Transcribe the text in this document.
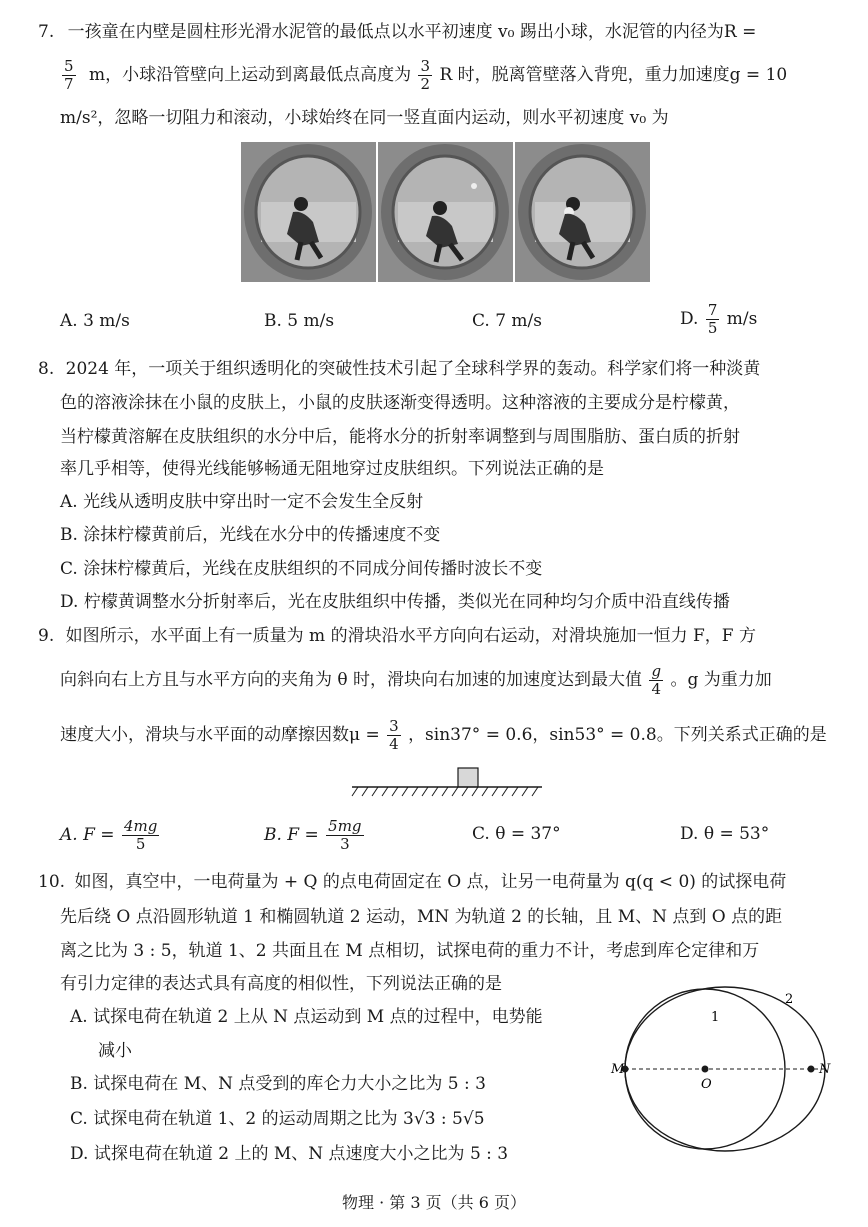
7. 一孩童在内壁是圆柱形光滑水泥管的最低点以水平初速度 v₀ 踢出小球，水泥管的内径为R =
$\frac{5}{7}$ m，小球沿管壁向上运动到离最低点高度为 $\frac{3}{2}$ R 时，脱离管壁落入背兜，重力加速度g = 10
m/s²，忽略一切阻力和滚动，小球始终在同一竖直面内运动，则水平初速度 v₀ 为
A. 3 m/s	B. 5 m/s	C. 7 m/s	D. $\frac{7}{5} m/s$
8. 2024 年，一项关于组织透明化的突破性技术引起了全球科学界的轰动。科学家们将一种淡黄
色的溶液涂抹在小鼠的皮肤上，小鼠的皮肤逐渐变得透明。这种溶液的主要成分是柠檬黄，
当柠檬黄溶解在皮肤组织的水分中后，能将水分的折射率调整到与周围脂肪、蛋白质的折射
率几乎相等，使得光线能够畅通无阻地穿过皮肤组织。下列说法正确的是
A. 光线从透明皮肤中穿出时一定不会发生全反射
B. 涂抹柠檬黄前后，光线在水分中的传播速度不变
C. 涂抹柠檬黄后，光线在皮肤组织的不同成分间传播时波长不变
D. 柠檬黄调整水分折射率后，光在皮肤组织中传播，类似光在同种均匀介质中沿直线传播
9. 如图所示，水平面上有一质量为 m 的滑块沿水平方向向右运动，对滑块施加一恒力 F，F 方
向斜向右上方且与水平方向的夹角为 θ 时，滑块向右加速的加速度达到最大值 $\frac{g}{4}$ 。g 为重力加
速度大小，滑块与水平面的动摩擦因数$\mu = \frac{3}{4}$ ，sin37° = 0.6，sin53° = 0.8。下列关系式正确的是
A. $F = \frac{4mg}{5}$	B. $F = \frac{5mg}{3}$	C. θ = 37°	D. θ = 53°
10. 如图，真空中，一电荷量为 + Q 的点电荷固定在 O 点，让另一电荷量为 q(q < 0) 的试探电荷
先后绕 O 点沿圆形轨道 1 和椭圆轨道 2 运动，MN 为轨道 2 的长轴，且 M、N 点到 O 点的距
离之比为 3 : 5，轨道 1、2 共面且在 M 点相切，试探电荷的重力不计，考虑到库仑定律和万
有引力定律的表达式具有高度的相似性，下列说法正确的是
A. 试探电荷在轨道 2 上从 N 点运动到 M 点的过程中，电势能
减小
B. 试探电荷在 M、N 点受到的库仑力大小之比为 5 : 3
C. 试探电荷在轨道 1、2 的运动周期之比为 3√3 : 5√5
D. 试探电荷在轨道 2 上的 M、N 点速度大小之比为 5 : 3
M
O
N
1
2
物理 · 第 3 页（共 6 页）
